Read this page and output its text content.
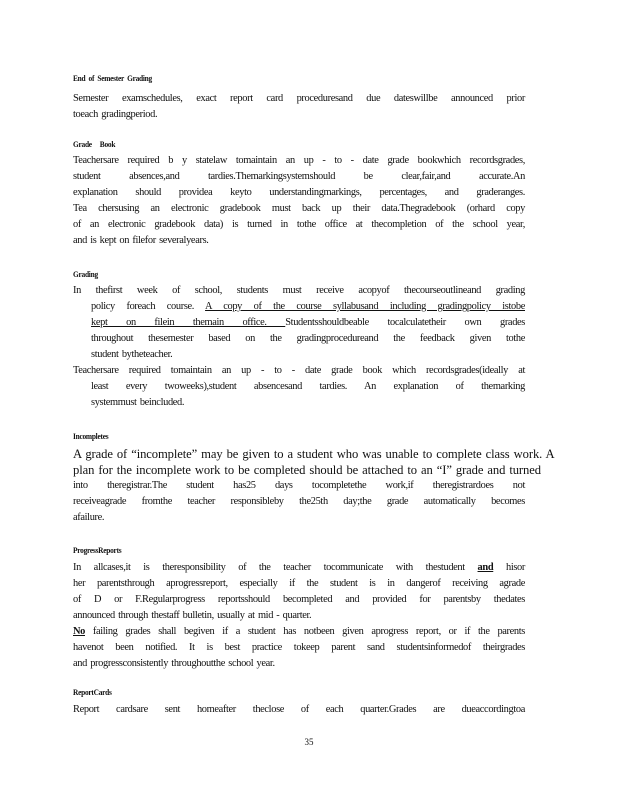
End  of  Semester  Grading
Semester examschedules, exact report card proceduresand due dateswillbe announced prior
toeach gradingperiod.
Grade     Book
Teachersare required b y statelaw tomaintain an up - to - date grade bookwhich recordsgrades,
student absences,and tardies.Themarkingsystemshould be clear,fair,and accurate.An
explanation should providea keyto understandingmarkings, percentages, and graderanges.
Tea chersusing an electronic gradebook must back up their data.Thegradebook (orhard copy
of an electronic gradebook data) is turned in tothe office at thecompletion of the school year,
and is kept on filefor severalyears.
Grading
In thefirst week of school, students must receive acopyof thecourseoutlineand grading
policy foreach course. A copy of the course syllabusand including gradingpolicy istobe
kept on filein themain office. Studentsshouldbeable tocalculatetheir own grades
throughout thesemester based on the gradingprocedureand the feedback given tothe
student bytheteacher.
Teachersare required tomaintain an up - to - date grade book which recordsgrades(ideally at
least every twoweeks),student absencesand tardies. An explanation of themarking
systemmust beincluded.
Incompletes
A grade of “incomplete” may be given to a student who was unable to complete class work. A
plan for the incomplete work to be completed should be attached to an “I” grade and turned
into theregistrar.The student has25 days tocompletethe work,if theregistrardoes not
receiveagrade fromthe teacher responsibleby the25th day;the grade automatically becomes
afailure.
ProgressReports
In allcases,it is theresponsibility of the teacher tocommunicate with thestudent and hisor
her parentsthrough aprogressreport, especially if the student is in dangerof receiving agrade
of D or F.Regularprogress reportsshould becompleted and provided for parentsby thedates
announced through thestaff bulletin, usually at mid - quarter.
No failing grades shall begiven if a student has notbeen given aprogress report, or if the parents
havenot been notified. It is best practice tokeep parent sand studentsinformedof theirgrades
and progressconsistently throughoutthe school year.
ReportCards
Report cardsare sent homeafter theclose of each quarter.Grades are dueaccordingtoa
35
